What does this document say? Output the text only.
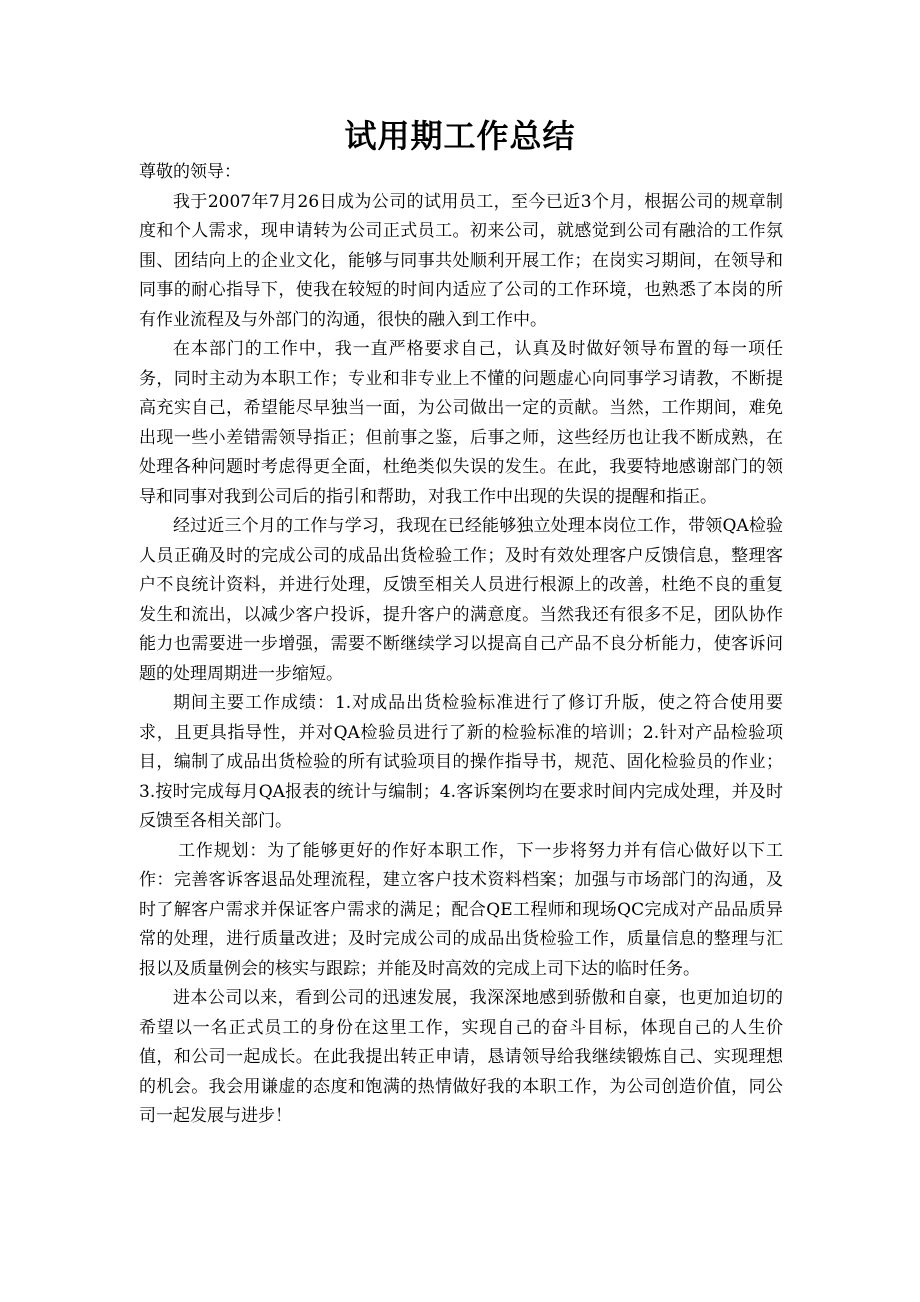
试用期工作总结

尊敬的领导：

我于2007年7月26日成为公司的试用员工，至今已近3个月，根据公司的规章制度和个人需求，现申请转为公司正式员工。初来公司，就感觉到公司有融洽的工作氛围、团结向上的企业文化，能够与同事共处顺利开展工作；在岗实习期间，在领导和同事的耐心指导下，使我在较短的时间内适应了公司的工作环境，也熟悉了本岗的所有作业流程及与外部门的沟通，很快的融入到工作中。

在本部门的工作中，我一直严格要求自己，认真及时做好领导布置的每一项任务，同时主动为本职工作；专业和非专业上不懂的问题虚心向同事学习请教，不断提高充实自己，希望能尽早独当一面，为公司做出一定的贡献。当然，工作期间，难免出现一些小差错需领导指正；但前事之鉴，后事之师，这些经历也让我不断成熟，在处理各种问题时考虑得更全面，杜绝类似失误的发生。在此，我要特地感谢部门的领导和同事对我到公司后的指引和帮助，对我工作中出现的失误的提醒和指正。

经过近三个月的工作与学习，我现在已经能够独立处理本岗位工作，带领QA检验人员正确及时的完成公司的成品出货检验工作；及时有效处理客户反馈信息，整理客户不良统计资料，并进行处理，反馈至相关人员进行根源上的改善，杜绝不良的重复发生和流出，以减少客户投诉，提升客户的满意度。当然我还有很多不足，团队协作能力也需要进一步增强，需要不断继续学习以提高自己产品不良分析能力，使客诉问题的处理周期进一步缩短。

期间主要工作成绩：1.对成品出货检验标准进行了修订升版，使之符合使用要求，且更具指导性，并对QA检验员进行了新的检验标准的培训；2.针对产品检验项目，编制了成品出货检验的所有试验项目的操作指导书，规范、固化检验员的作业；3.按时完成每月QA报表的统计与编制；4.客诉案例均在要求时间内完成处理，并及时反馈至各相关部门。

工作规划：为了能够更好的作好本职工作，下一步将努力并有信心做好以下工作：完善客诉客退品处理流程，建立客户技术资料档案；加强与市场部门的沟通，及时了解客户需求并保证客户需求的满足；配合QE工程师和现场QC完成对产品品质异常的处理，进行质量改进；及时完成公司的成品出货检验工作，质量信息的整理与汇报以及质量例会的核实与跟踪；并能及时高效的完成上司下达的临时任务。

进本公司以来，看到公司的迅速发展，我深深地感到骄傲和自豪，也更加迫切的希望以一名正式员工的身份在这里工作，实现自己的奋斗目标，体现自己的人生价值，和公司一起成长。在此我提出转正申请，恳请领导给我继续锻炼自己、实现理想的机会。我会用谦虚的态度和饱满的热情做好我的本职工作，为公司创造价值，同公司一起发展与进步！
